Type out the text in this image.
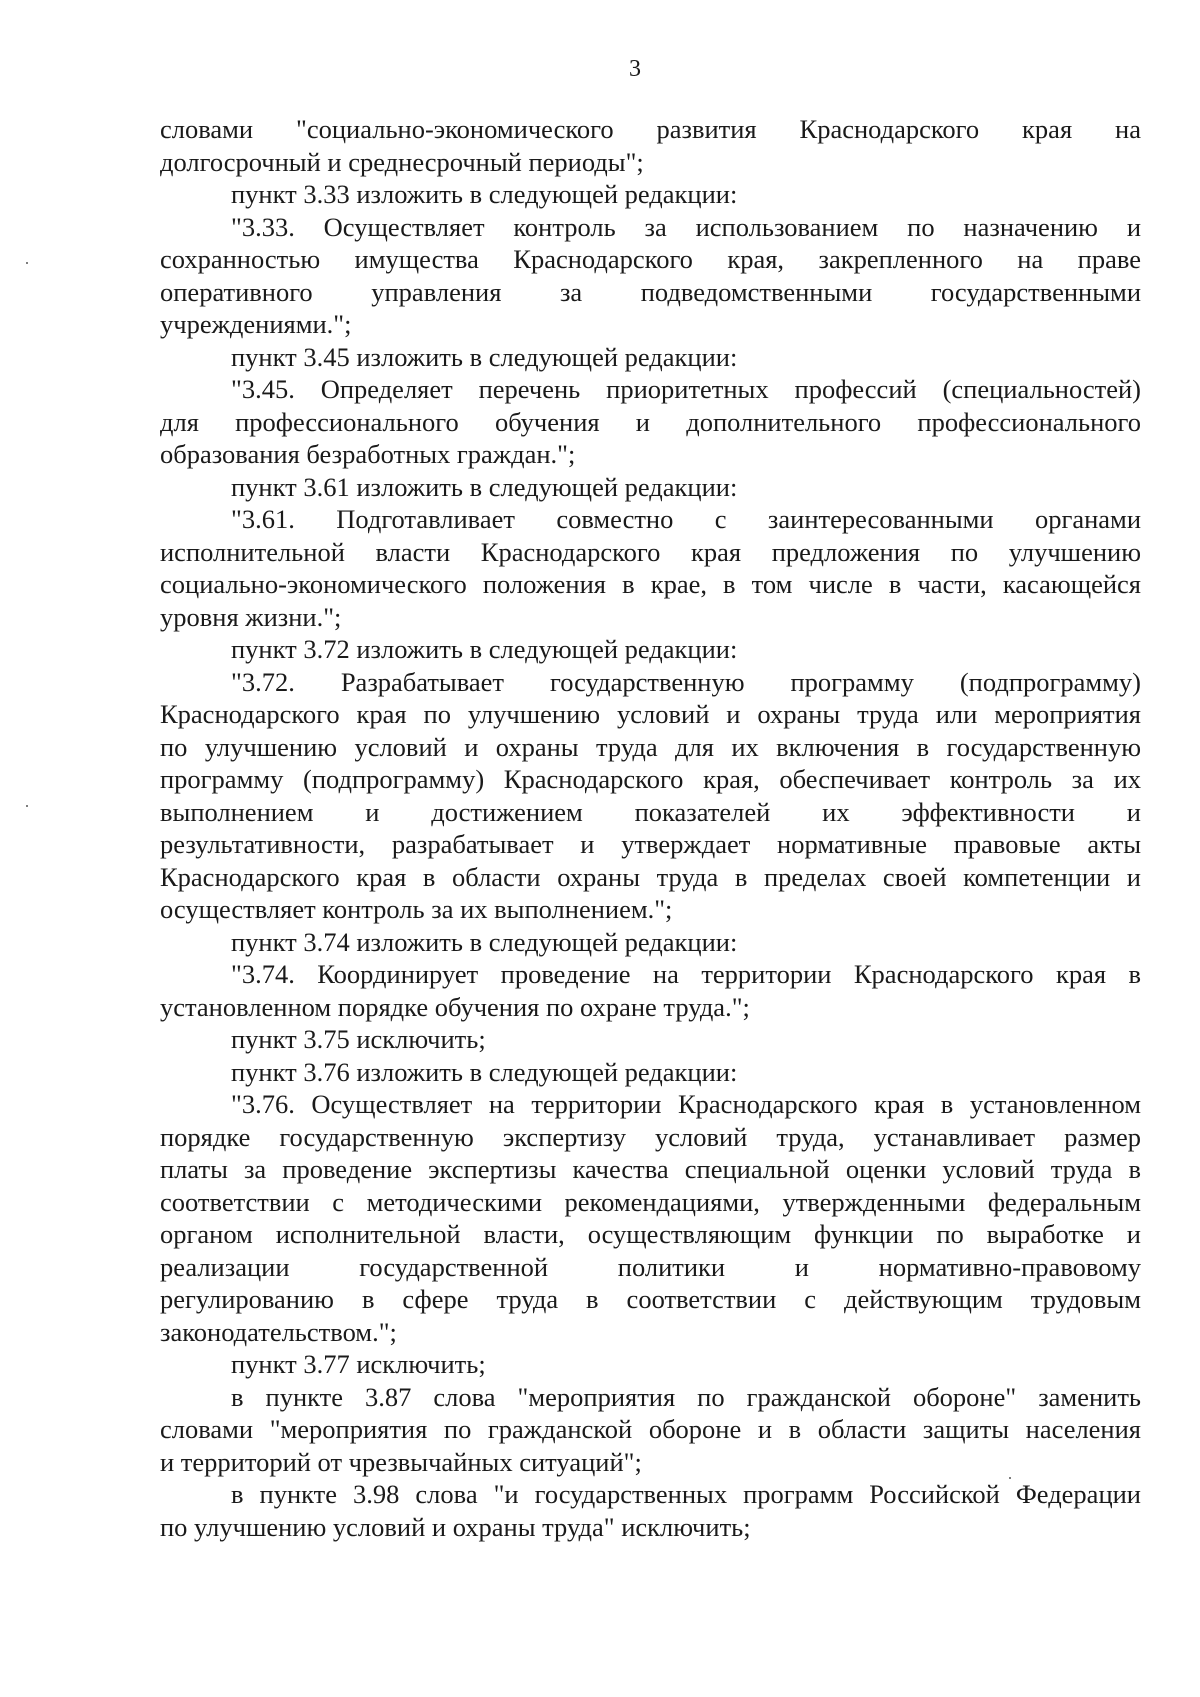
3
словами "социально-экономического развития Краснодарского края на
долгосрочный и среднесрочный периоды";
пункт 3.33 изложить в следующей редакции:
"3.33. Осуществляет контроль за использованием по назначению и
сохранностью имущества Краснодарского края, закрепленного на праве
оперативного управления за подведомственными государственными
учреждениями.";
пункт 3.45 изложить в следующей редакции:
"3.45. Определяет перечень приоритетных профессий (специальностей)
для профессионального обучения и дополнительного профессионального
образования безработных граждан.";
пункт 3.61 изложить в следующей редакции:
"3.61. Подготавливает совместно с заинтересованными органами
исполнительной власти Краснодарского края предложения по улучшению
социально-экономического положения в крае, в том числе в части, касающейся
уровня жизни.";
пункт 3.72 изложить в следующей редакции:
"3.72. Разрабатывает государственную программу (подпрограмму)
Краснодарского края по улучшению условий и охраны труда или мероприятия
по улучшению условий и охраны труда для их включения в государственную
программу (подпрограмму) Краснодарского края, обеспечивает контроль за их
выполнением и достижением показателей их эффективности и
результативности, разрабатывает и утверждает нормативные правовые акты
Краснодарского края в области охраны труда в пределах своей компетенции и
осуществляет контроль за их выполнением.";
пункт 3.74 изложить в следующей редакции:
"3.74. Координирует проведение на территории Краснодарского края в
установленном порядке обучения по охране труда.";
пункт 3.75 исключить;
пункт 3.76 изложить в следующей редакции:
"3.76. Осуществляет на территории Краснодарского края в установленном
порядке государственную экспертизу условий труда, устанавливает размер
платы за проведение экспертизы качества специальной оценки условий труда в
соответствии с методическими рекомендациями, утвержденными федеральным
органом исполнительной власти, осуществляющим функции по выработке и
реализации государственной политики и нормативно-правовому
регулированию в сфере труда в соответствии с действующим трудовым
законодательством.";
пункт 3.77 исключить;
в пункте 3.87 слова "мероприятия по гражданской обороне" заменить
словами "мероприятия по гражданской обороне и в области защиты населения
и территорий от чрезвычайных ситуаций";
в пункте 3.98 слова "и государственных программ Российской Федерации
по улучшению условий и охраны труда" исключить;
